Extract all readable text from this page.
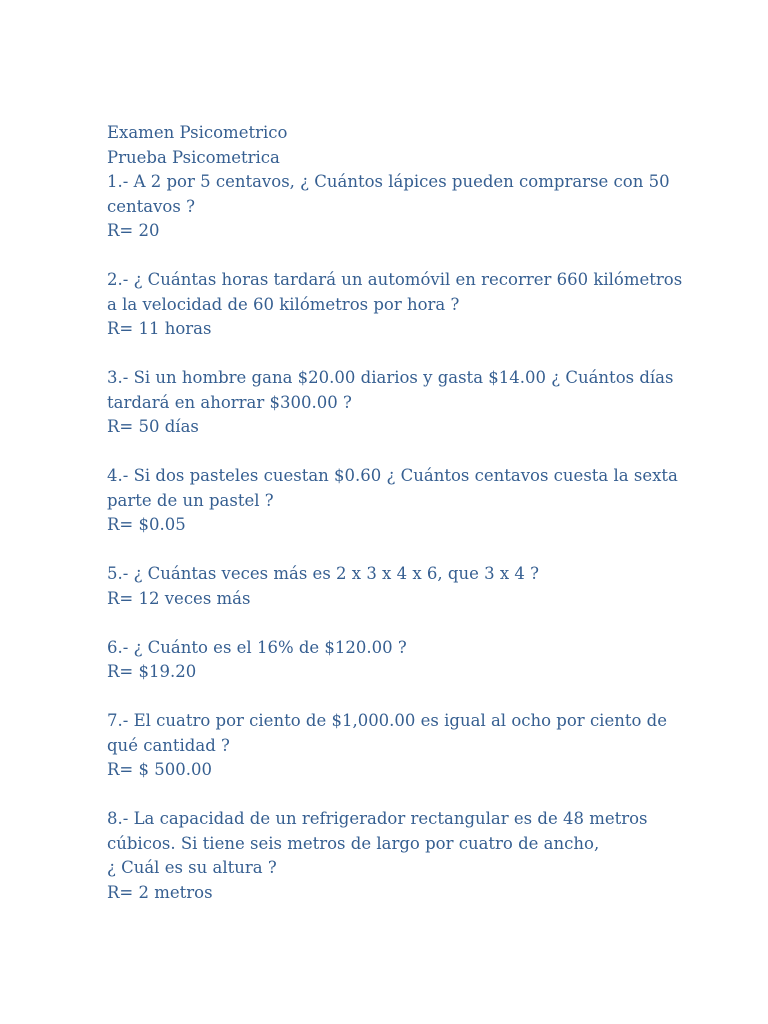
Examen Psicometrico
Prueba Psicometrica
1.- A 2 por 5 centavos, ¿ Cuántos lápices pueden comprarse con 50
centavos ?
R= 20
2.- ¿ Cuántas horas tardará un automóvil en recorrer 660 kilómetros
a la velocidad de 60 kilómetros por hora ?
R= 11 horas
3.- Si un hombre gana $20.00 diarios y gasta $14.00 ¿ Cuántos días
tardará en ahorrar $300.00 ?
R= 50 días
4.- Si dos pasteles cuestan $0.60 ¿ Cuántos centavos cuesta la sexta
parte de un pastel ?
R= $0.05
5.- ¿ Cuántas veces más es 2 x 3 x 4 x 6, que 3 x 4 ?
R= 12 veces más
6.- ¿ Cuánto es el 16% de $120.00 ?
R= $19.20
7.- El cuatro por ciento de $1,000.00 es igual al ocho por ciento de
qué cantidad ?
R= $ 500.00
8.- La capacidad de un refrigerador rectangular es de 48 metros
cúbicos. Si tiene seis metros de largo por cuatro de ancho,
¿ Cuál es su altura ?
R= 2 metros
